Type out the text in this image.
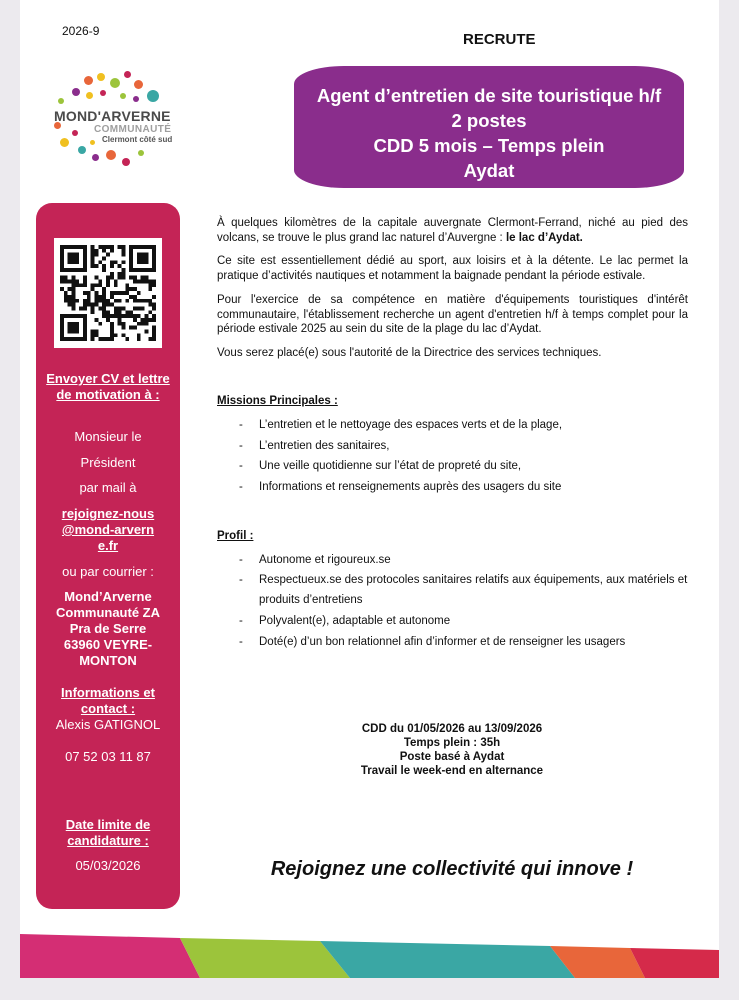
2026-9	RECRUTE
MOND'ARVERNE
COMMUNAUTÉ
Clermont côté sud
Agent d’entretien de site touristique h/f
2 postes
CDD 5 mois – Temps plein
Aydat
Envoyer CV et lettre de motivation à :
Monsieur le
Président
par mail à
rejoignez-nous@mond-arverne.fr
ou par courrier :
Mond’Arverne Communauté ZA Pra de Serre 63960 VEYRE-MONTON
Informations et contact :
Alexis GATIGNOL
07 52 03 11 87
Date limite de candidature :
05/03/2026
À quelques kilomètres de la capitale auvergnate Clermont-Ferrand, niché au pied des volcans, se trouve le plus grand lac naturel d’Auvergne : le lac d’Aydat.
Ce site est essentiellement dédié au sport, aux loisirs et à la détente. Le lac permet la pratique d’activités nautiques et notamment la baignade pendant la période estivale.
Pour l'exercice de sa compétence en matière d'équipements touristiques d'intérêt communautaire, l'établissement recherche un agent d'entretien h/f à temps complet pour la période estivale 2025 au sein du site de la plage du lac d’Aydat.
Vous serez placé(e) sous l'autorité de la Directrice des services techniques.
Missions Principales :
- L’entretien et le nettoyage des espaces verts et de la plage,
- L’entretien des sanitaires,
- Une veille quotidienne sur l’état de propreté du site,
- Informations et renseignements auprès des usagers du site
Profil :
- Autonome et rigoureux.se
- Respectueux.se des protocoles sanitaires relatifs aux équipements, aux matériels et produits d’entretiens
- Polyvalent(e), adaptable et autonome
- Doté(e) d’un bon relationnel afin d’informer et de renseigner les usagers
CDD du 01/05/2026 au 13/09/2026
Temps plein : 35h
Poste basé à Aydat
Travail le week-end en alternance
Rejoignez une collectivité qui innove !
